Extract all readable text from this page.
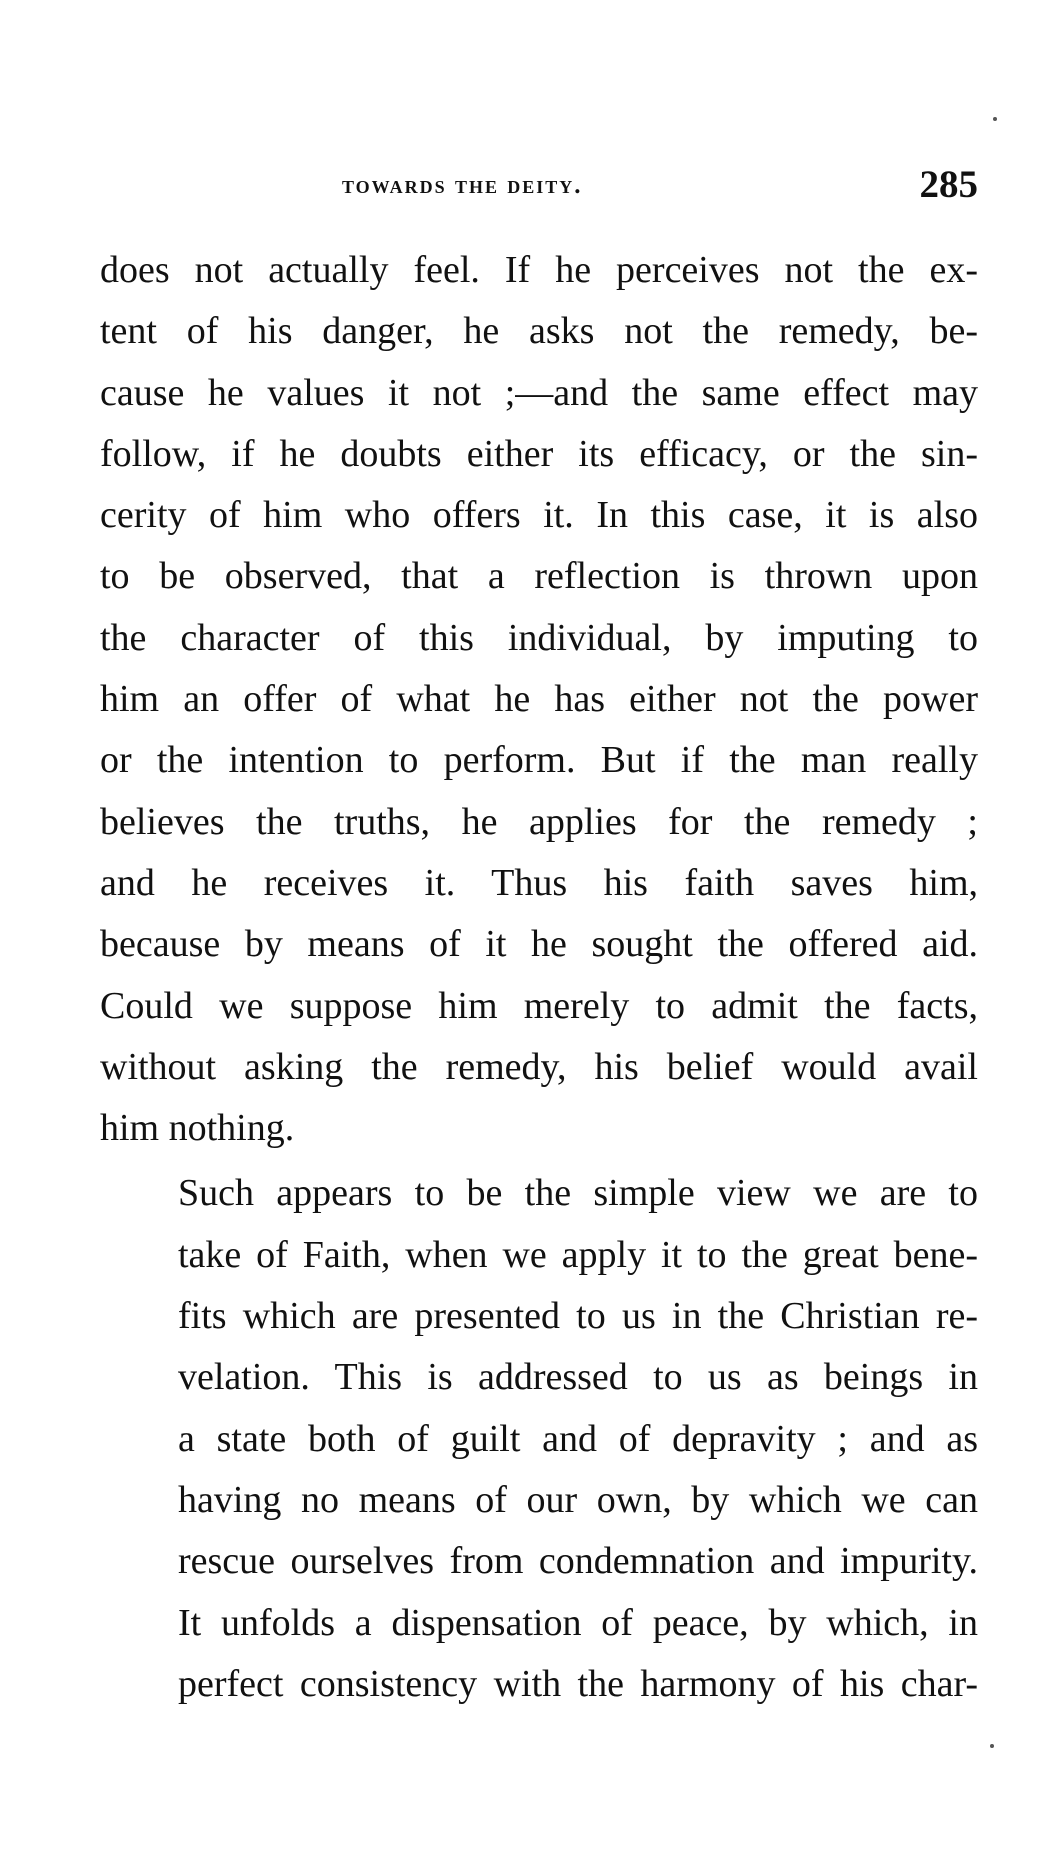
towards the deity.	285

does not actually feel. If he perceives not the ex-
tent of his danger, he asks not the remedy, be-
cause he values it not ;—and the same effect may
follow, if he doubts either its efficacy, or the sin-
cerity of him who offers it. In this case, it is also
to be observed, that a reflection is thrown upon
the character of this individual, by imputing to
him an offer of what he has either not the power
or the intention to perform. But if the man really
believes the truths, he applies for the remedy ;
and he receives it. Thus his faith saves him,
because by means of it he sought the offered aid.
Could we suppose him merely to admit the facts,
without asking the remedy, his belief would avail
him nothing.

Such appears to be the simple view we are to
take of Faith, when we apply it to the great bene-
fits which are presented to us in the Christian re-
velation. This is addressed to us as beings in
a state both of guilt and of depravity ; and as
having no means of our own, by which we can
rescue ourselves from condemnation and impurity.
It unfolds a dispensation of peace, by which, in
perfect consistency with the harmony of his char-
